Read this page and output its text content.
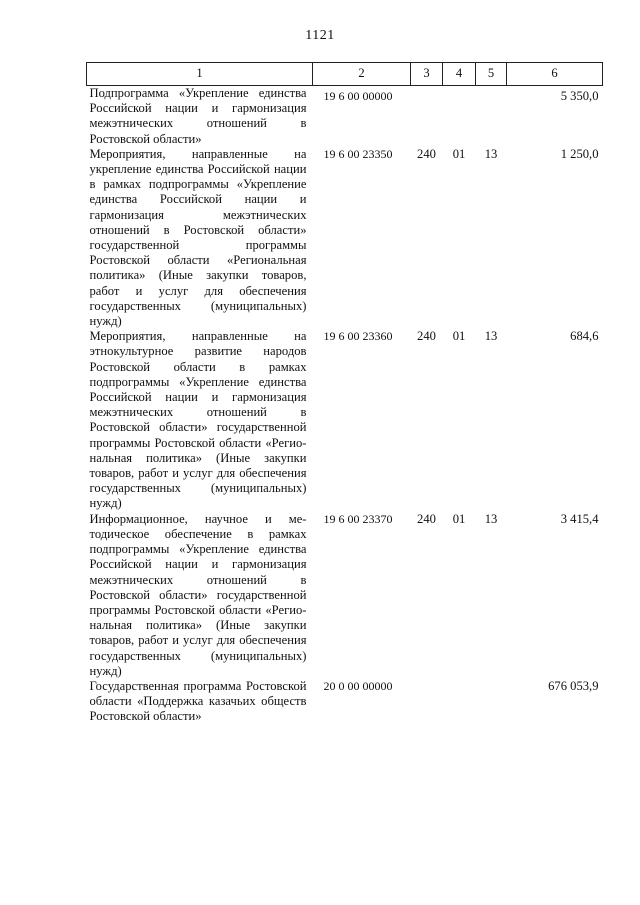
1121
1	2	3	4	5	6
Подпрограмма «Укрепление единства Российской нации и гармонизация межэтнических отношений в Ростовской области»	19 6 00 00000				5 350,0
Мероприятия, направленные на укрепление единства Российской нации в рамках подпрограммы «Укрепление единства Российской нации и гармонизация межэтнических отношений в Ростовской области» государственной программы Ростовской области «Региональная политика» (Иные закупки товаров, работ и услуг для обеспечения государственных (муниципальных) нужд)	19 6 00 23350	240	01	13	1 250,0
Мероприятия, направленные на этнокультурное развитие народов Ростовской области в рамках подпрограммы «Укрепление единства Российской нации и гармонизация межэтнических отношений в Ростовской области» государственной программы Ростовской области «Региональная политика» (Иные закупки товаров, работ и услуг для обеспечения государственных (муниципальных) нужд)	19 6 00 23360	240	01	13	684,6
Информационное, научное и методическое обеспечение в рамках подпрограммы «Укрепление единства Российской нации и гармонизация межэтнических отношений в Ростовской области» государственной программы Ростовской области «Региональная политика» (Иные закупки товаров, работ и услуг для обеспечения государственных (муниципальных) нужд)	19 6 00 23370	240	01	13	3 415,4
Государственная программа Ростовской области «Поддержка казачьих обществ Ростовской области»	20 0 00 00000				676 053,9
